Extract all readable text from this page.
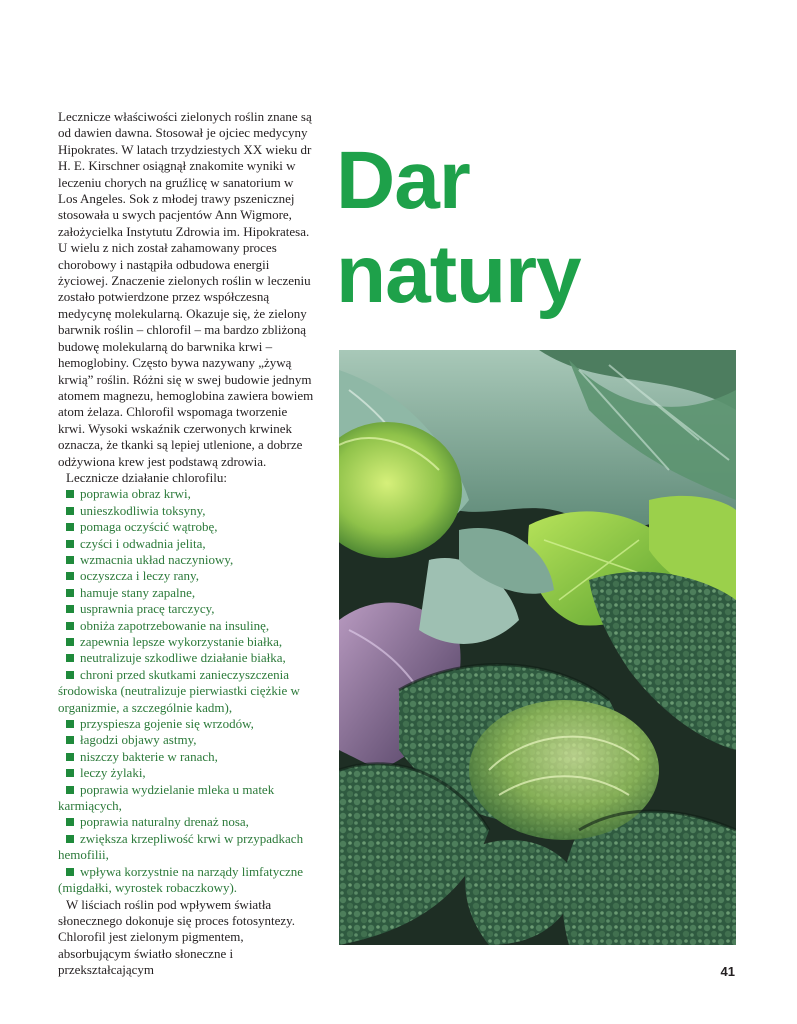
Lecznicze właściwości zielonych roślin znane są od dawien dawna. Stosował je ojciec medycyny Hipokrates. W latach trzydziestych XX wieku dr H. E. Kirschner osiągnął znakomite wyniki w leczeniu chorych na gruźlicę w sanatorium w Los Angeles. Sok z młodej trawy pszenicznej stosowała u swych pacjentów Ann Wigmore, założycielka Instytutu Zdrowia im. Hipokratesa. U wielu z nich został zahamowany proces chorobowy i nastąpiła odbudowa energii życiowej. Znaczenie zielonych roślin w leczeniu zostało potwierdzone przez współczesną medycynę molekularną. Okazuje się, że zielony barwnik roślin – chlorofil – ma bardzo zbliżoną budowę molekularną do barwnika krwi – hemoglobiny. Często bywa nazywany „żywą krwią” roślin. Różni się w swej budowie jednym atomem magnezu, hemoglobina zawiera bowiem atom żelaza. Chlorofil wspomaga tworzenie krwi. Wysoki wskaźnik czerwonych krwinek oznacza, że tkanki są lepiej utlenione, a dobrze odżywiona krew jest podstawą zdrowia.

Lecznicze działanie chlorofilu:

poprawia obraz krwi,
unieszkodliwia toksyny,
pomaga oczyścić wątrobę,
czyści i odwadnia jelita,
wzmacnia układ naczyniowy,
oczyszcza i leczy rany,
hamuje stany zapalne,
usprawnia pracę tarczycy,
obniża zapotrzebowanie na insulinę,
zapewnia lepsze wykorzystanie białka,
neutralizuje szkodliwe działanie białka,
chroni przed skutkami zanieczyszczenia środowiska (neutralizuje pierwiastki ciężkie w organizmie, a szczególnie kadm),
przyspiesza gojenie się wrzodów,
łagodzi objawy astmy,
niszczy bakterie w ranach,
leczy żylaki,
poprawia wydzielanie mleka u matek karmiących,
poprawia naturalny drenaż nosa,
zwiększa krzepliwość krwi w przypadkach hemofilii,
wpływa korzystnie na narządy limfatyczne (migdałki, wyrostek robaczkowy).

W liściach roślin pod wpływem światła słonecznego dokonuje się proces fotosyntezy. Chlorofil jest zielonym pigmentem, absorbującym światło słoneczne i przekształcającym

Dar
natury
41
